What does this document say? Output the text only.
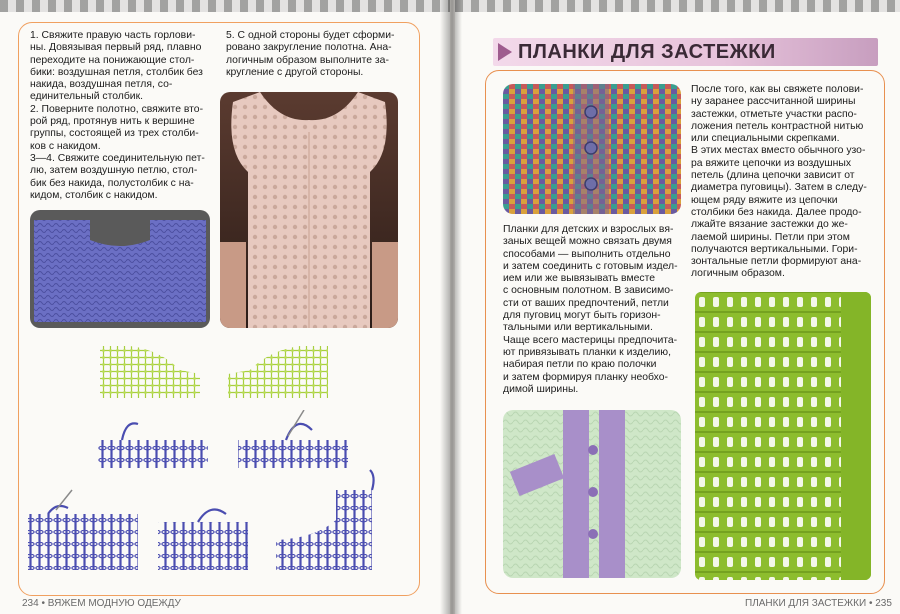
1. Свяжите правую часть горлови-

ны. Довязывая первый ряд, плавно

переходите на понижающие стол-

бики: воздушная петля, столбик без

накида, воздушная петля, со-

единительный столбик.

2. Поверните полотно, свяжите вто-

рой ряд, протянув нить к вершине

группы, состоящей из трех столби-

ков с накидом.

3—4. Свяжите соединительную пет-

лю, затем воздушную петлю, стол-

бик без накида, полустолбик с на-

кидом, столбик с накидом.

5. С одной стороны будет сформи-

ровано закругление полотна. Ана-

логичным образом выполните за-

кругление с другой стороны.

234 • ВЯЖЕМ МОДНУЮ ОДЕЖДУ

Планки для детских и взрослых вя-

заных вещей можно связать двумя

способами — выполнить отдельно

и затем соединить с готовым издел-

ием или же вывязывать вместе

с основным полотном. В зависимо-

сти от ваших предпочтений, петли

для пуговиц могут быть горизон-

тальными или вертикальными.

Чаще всего мастерицы предпочита-

ют привязывать планки к изделию,

набирая петли по краю полочки

и затем формируя планку необхо-

димой ширины.

После того, как вы свяжете полови-

ну заранее рассчитанной ширины

застежки, отметьте участки распо-

ложения петель контрастной нитью

или специальными скрепками.

В этих местах вместо обычного узо-

ра вяжите цепочки из воздушных

петель (длина цепочки зависит от

диаметра пуговицы). Затем в следу-

ющем ряду вяжите из цепочки

столбики без накида. Далее продо-

лжайте вязание застежки до же-

лаемой ширины. Петли при этом

получаются вертикальными. Гори-

зонтальные петли формируют ана-

логичным образом.

ПЛАНКИ ДЛЯ ЗАСТЕЖКИ • 235

ПЛАНКИ ДЛЯ ЗАСТЕЖКИ
